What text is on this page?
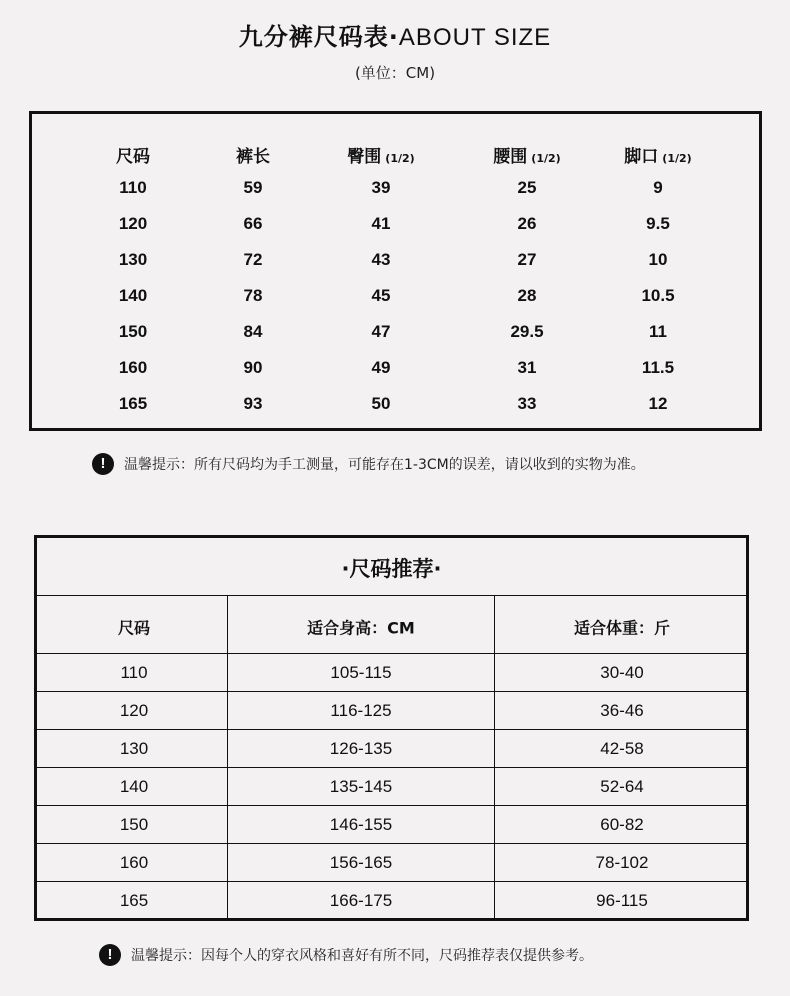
九分裤尺码表·ABOUT SIZE
(单位：CM)
尺码	裤长	臀围 (1/2)	腰围 (1/2)	脚口 (1/2)
110	59	39	25	9
120	66	41	26	9.5
130	72	43	27	10
140	78	45	28	10.5
150	84	47	29.5	11
160	90	49	31	11.5
165	93	50	33	12
!	温馨提示：所有尺码均为手工测量，可能存在1-3CM的误差，请以收到的实物为准。
·尺码推荐·
尺码	适合身高：CM	适合体重：斤
110	105-115	30-40
120	116-125	36-46
130	126-135	42-58
140	135-145	52-64
150	146-155	60-82
160	156-165	78-102
165	166-175	96-115
!	温馨提示：因每个人的穿衣风格和喜好有所不同，尺码推荐表仅提供参考。
